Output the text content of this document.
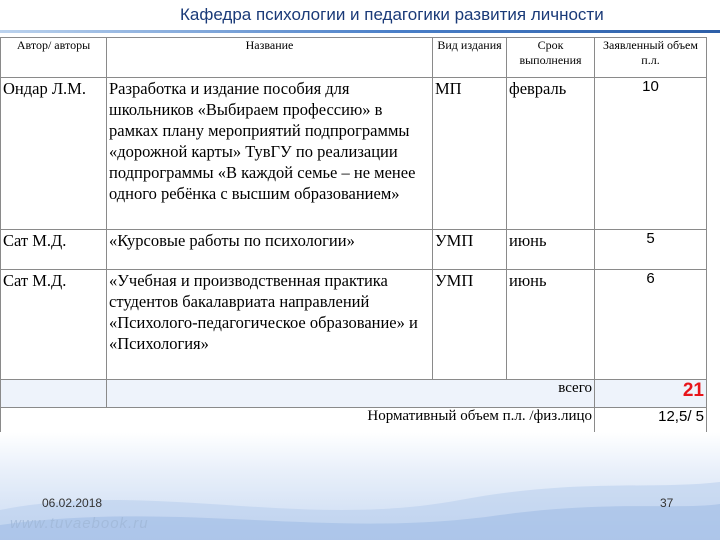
Кафедра психологии и педагогики развития личности
Автор/ авторы	Название	Вид издания	Срок выполнения	Заявленный объем п.л.
Ондар Л.М.	Разработка и издание пособия для школьников «Выбираем профессию» в рамках плану мероприятий подпрограммы «дорожной карты» ТувГУ по реализации подпрограммы «В каждой семье – не менее одного ребёнка с высшим образованием»	МП	февраль	10
Сат М.Д.	«Курсовые работы по психологии»	УМП	июнь	5
Сат М.Д.	«Учебная и производственная практика студентов бакалавриата направлений «Психолого-педагогическое образование» и «Психология»	УМП	июнь	6
	всего			21
Нормативный объем п.л. /физ.лицо				12,5/ 5
www.tuvaebook.ru
06.02.2018	37
